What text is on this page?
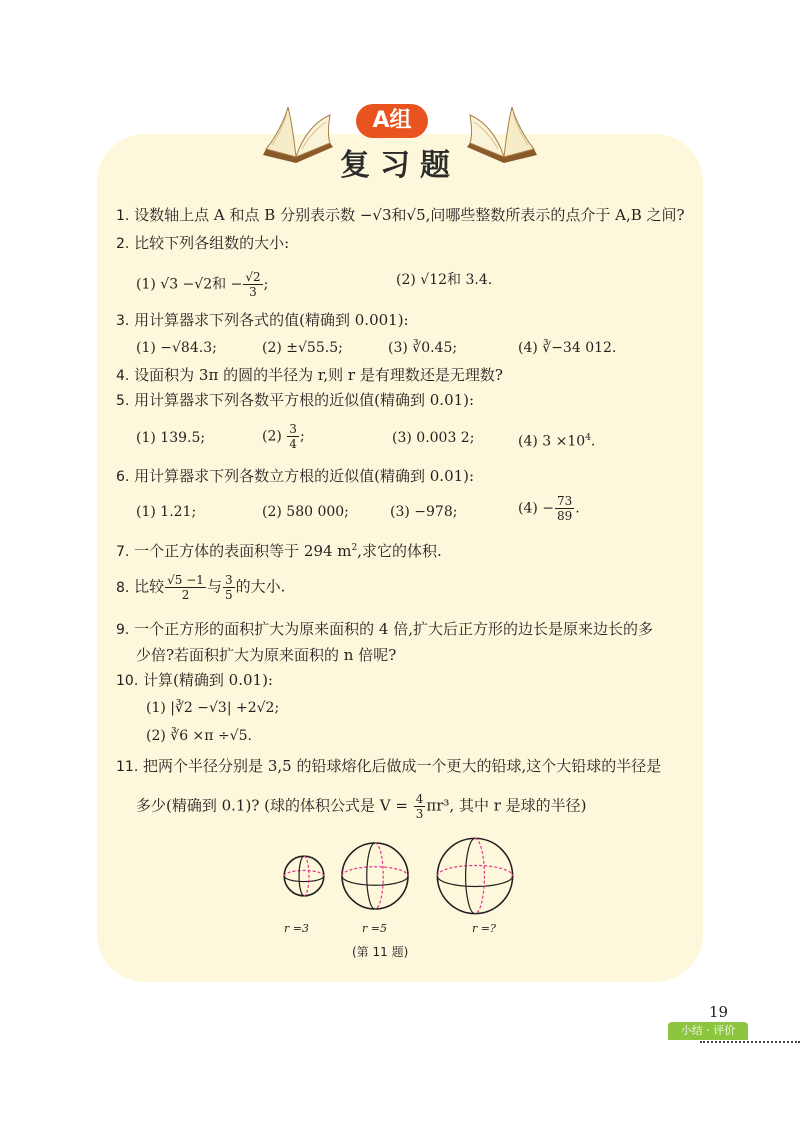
A组
复习题
1. 设数轴上点 A 和点 B 分别表示数 −√3和√5,问哪些整数所表示的点介于 A,B 之间?
2. 比较下列各组数的大小:
(1) √3 −√2和 − $\frac{√2}{3}$ ;	(2) √12和 3.4.
3. 用计算器求下列各式的值(精确到 0.001):
(1) −√84.3;	(2) ±√55.5;	(3) ∛0.45;	(4) ∛−34 012.
4. 设面积为 3π 的圆的半径为 r,则 r 是有理数还是无理数?
5. 用计算器求下列各数平方根的近似值(精确到 0.01):
(1) 139.5;	$(2) \frac{3}{4}$ ;	(3) 0.003 2;	(4) $3 \times 10^4$.
6. 用计算器求下列各数立方根的近似值(精确到 0.01):
(1) 1.21;	(2) 580 000;	(3) −978;	$(4) - \frac{73}{89}$ .
7. 一个正方体的表面积等于 294 $m^2$,求它的体积.
8. 比较 $\frac{√5 -1}{2}$ 与 $\frac{3}{5}$ 的大小.
9. 一个正方形的面积扩大为原来面积的 4 倍,扩大后正方形的边长是原来边长的多
少倍?若面积扩大为原来面积的 n 倍呢?
10. 计算(精确到 0.01):
(1) |∛2 −√3| +2√2;
(2) ∛6 ×π ÷√5.
11. 把两个半径分别是 3,5 的铅球熔化后做成一个更大的铅球,这个大铅球的半径是
多少(精确到 0.1)? (球的体积公式是 $V = \frac{4}{3} \pi r^3$, 其中 r 是球的半径)
r =3	r =5	r =?
(第 11 题)
19
小结 · 评价
